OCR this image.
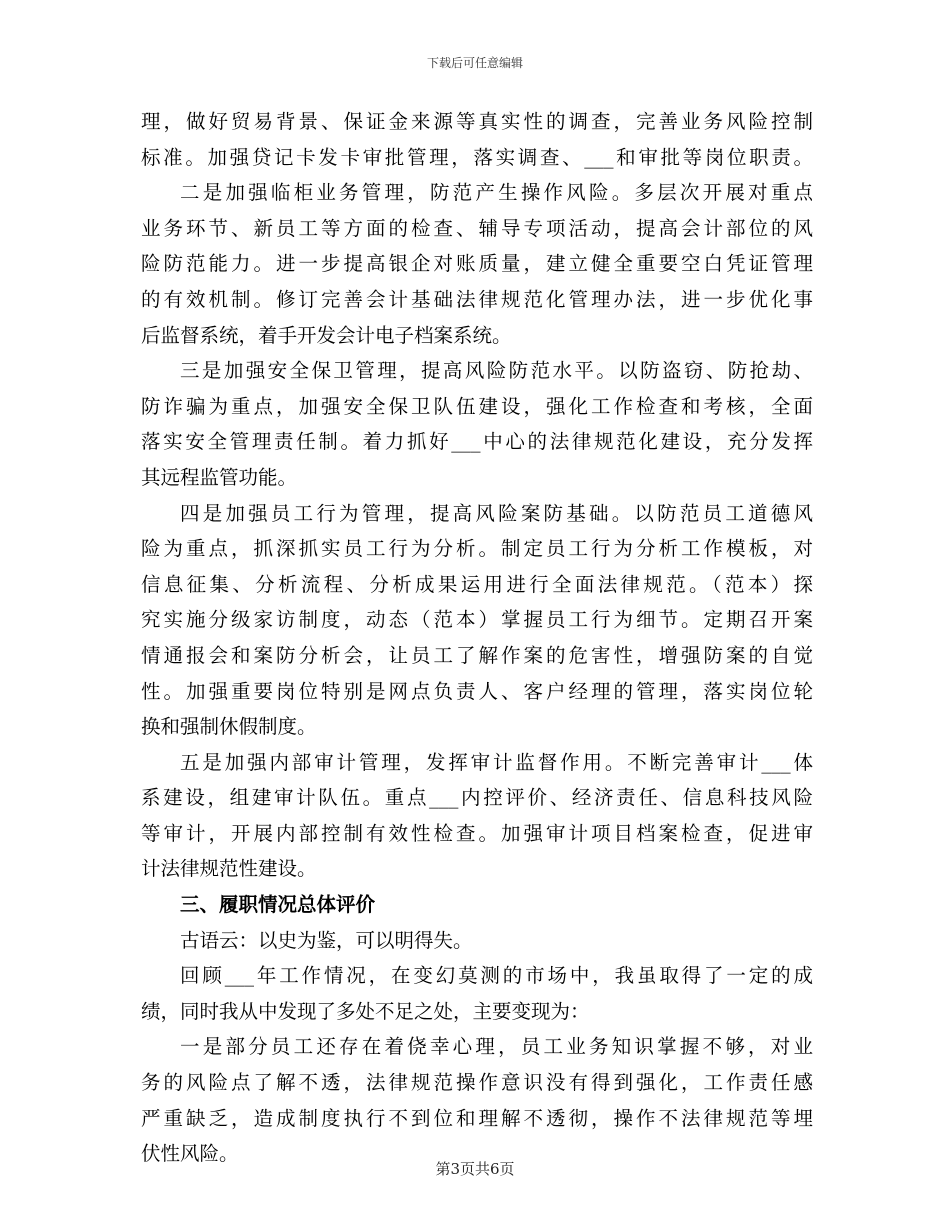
下载后可任意编辑
理，做好贸易背景、保证金来源等真实性的调查，完善业务风险控制
标准。加强贷记卡发卡审批管理，落实调查、___和审批等岗位职责。
二是加强临柜业务管理，防范产生操作风险。多层次开展对重点
业务环节、新员工等方面的检查、辅导专项活动，提高会计部位的风
险防范能力。进一步提高银企对账质量，建立健全重要空白凭证管理
的有效机制。修订完善会计基础法律规范化管理办法，进一步优化事
后监督系统，着手开发会计电子档案系统。
三是加强安全保卫管理，提高风险防范水平。以防盗窃、防抢劫、
防诈骗为重点，加强安全保卫队伍建设，强化工作检查和考核，全面
落实安全管理责任制。着力抓好___中心的法律规范化建设，充分发挥
其远程监管功能。
四是加强员工行为管理，提高风险案防基础。以防范员工道德风
险为重点，抓深抓实员工行为分析。制定员工行为分析工作模板，对
信息征集、分析流程、分析成果运用进行全面法律规范。（范本）探
究实施分级家访制度，动态（范本）掌握员工行为细节。定期召开案
情通报会和案防分析会，让员工了解作案的危害性，增强防案的自觉
性。加强重要岗位特别是网点负责人、客户经理的管理，落实岗位轮
换和强制休假制度。
五是加强内部审计管理，发挥审计监督作用。不断完善审计___体
系建设，组建审计队伍。重点___内控评价、经济责任、信息科技风险
等审计，开展内部控制有效性检查。加强审计项目档案检查，促进审
计法律规范性建设。
三、履职情况总体评价
古语云：以史为鉴，可以明得失。
回顾___年工作情况，在变幻莫测的市场中，我虽取得了一定的成
绩，同时我从中发现了多处不足之处，主要变现为：
一是部分员工还存在着侥幸心理，员工业务知识掌握不够，对业
务的风险点了解不透，法律规范操作意识没有得到强化，工作责任感
严重缺乏，造成制度执行不到位和理解不透彻，操作不法律规范等埋
伏性风险。
第3页共6页
